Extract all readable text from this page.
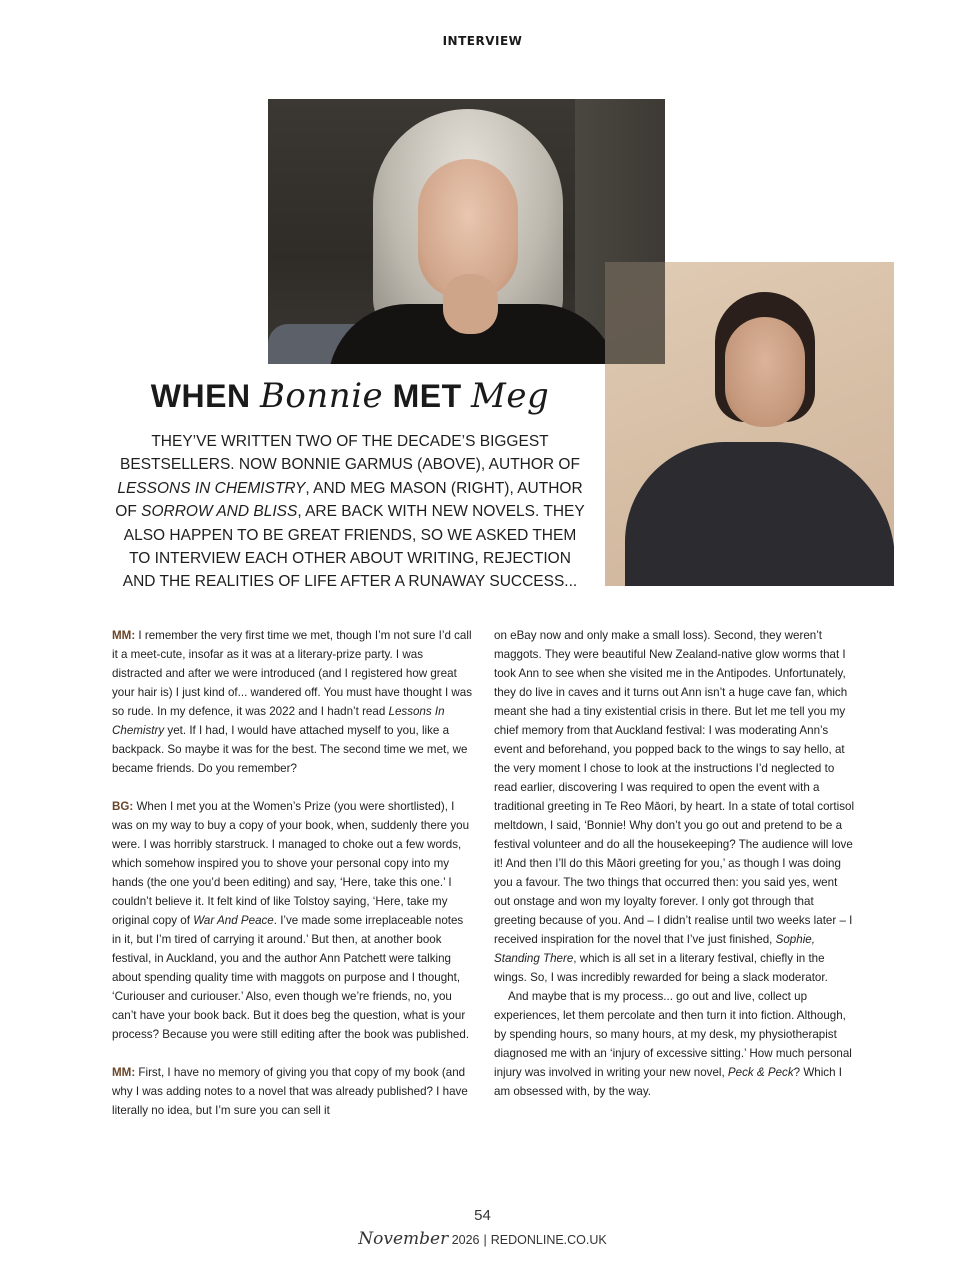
INTERVIEW
WHEN Bonnie MET Meg
THEY’VE WRITTEN TWO OF THE DECADE’S BIGGEST BESTSELLERS. NOW BONNIE GARMUS (ABOVE), AUTHOR OF LESSONS IN CHEMISTRY, AND MEG MASON (RIGHT), AUTHOR OF SORROW AND BLISS, ARE BACK WITH NEW NOVELS. THEY ALSO HAPPEN TO BE GREAT FRIENDS, SO WE ASKED THEM TO INTERVIEW EACH OTHER ABOUT WRITING, REJECTION AND THE REALITIES OF LIFE AFTER A RUNAWAY SUCCESS...

MM: I remember the very first time we met, though I’m not sure I’d call it a meet-cute, insofar as it was at a literary-prize party. I was distracted and after we were introduced (and I registered how great your hair is) I just kind of... wandered off. You must have thought I was so rude. In my defence, it was 2022 and I hadn’t read Lessons In Chemistry yet. If I had, I would have attached myself to you, like a backpack. So maybe it was for the best. The second time we met, we became friends. Do you remember?

BG: When I met you at the Women’s Prize (you were shortlisted), I was on my way to buy a copy of your book, when, suddenly there you were. I was horribly starstruck. I managed to choke out a few words, which somehow inspired you to shove your personal copy into my hands (the one you’d been editing) and say, ‘Here, take this one.’ I couldn’t believe it. It felt kind of like Tolstoy saying, ‘Here, take my original copy of War And Peace. I’ve made some irreplaceable notes in it, but I’m tired of carrying it around.’ But then, at another book festival, in Auckland, you and the author Ann Patchett were talking about spending quality time with maggots on purpose and I thought, ‘Curiouser and curiouser.’ Also, even though we’re friends, no, you can’t have your book back. But it does beg the question, what is your process? Because you were still editing after the book was published.

MM: First, I have no memory of giving you that copy of my book (and why I was adding notes to a novel that was already published? I have literally no idea, but I’m sure you can sell it

on eBay now and only make a small loss). Second, they weren’t maggots. They were beautiful New Zealand-native glow worms that I took Ann to see when she visited me in the Antipodes. Unfortunately, they do live in caves and it turns out Ann isn’t a huge cave fan, which meant she had a tiny existential crisis in there. But let me tell you my chief memory from that Auckland festival: I was moderating Ann’s event and beforehand, you popped back to the wings to say hello, at the very moment I chose to look at the instructions I’d neglected to read earlier, discovering I was required to open the event with a traditional greeting in Te Reo Māori, by heart. In a state of total cortisol meltdown, I said, ‘Bonnie! Why don’t you go out and pretend to be a festival volunteer and do all the housekeeping? The audience will love it! And then I’ll do this Māori greeting for you,’ as though I was doing you a favour. The two things that occurred then: you said yes, went out onstage and won my loyalty forever. I only got through that greeting because of you. And – I didn’t realise until two weeks later – I received inspiration for the novel that I’ve just finished, Sophie, Standing There, which is all set in a literary festival, chiefly in the wings. So, I was incredibly rewarded for being a slack moderator.

And maybe that is my process... go out and live, collect up experiences, let them percolate and then turn it into fiction. Although, by spending hours, so many hours, at my desk, my physiotherapist diagnosed me with an ‘injury of excessive sitting.’ How much personal injury was involved in writing your new novel, Peck & Peck? Which I am obsessed with, by the way.

54
November 2026 | REDONLINE.CO.UK
